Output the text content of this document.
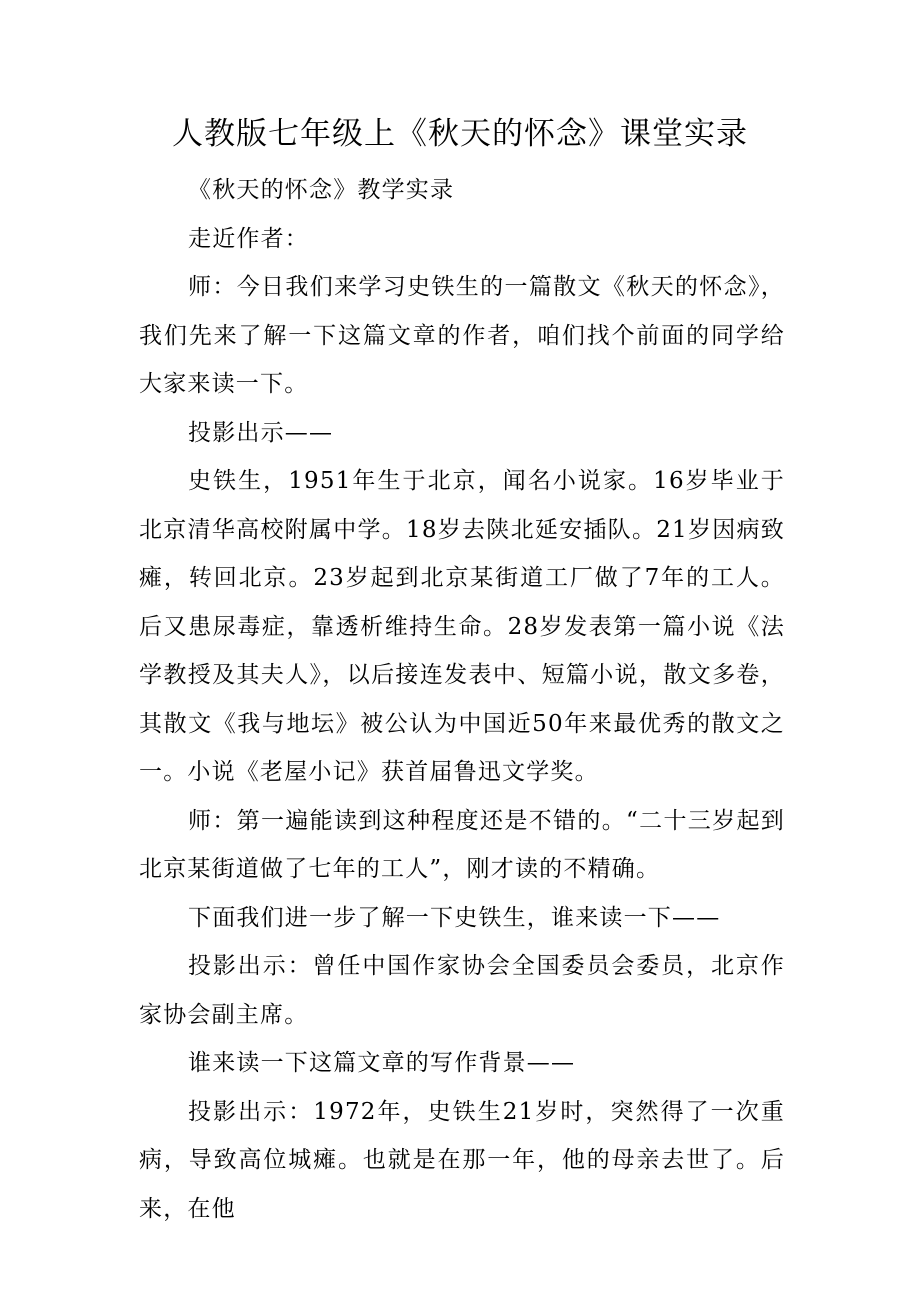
人教版七年级上《秋天的怀念》课堂实录

《秋天的怀念》教学实录

走近作者：

师：今日我们来学习史铁生的一篇散文《秋天的怀念》，我们先来了解一下这篇文章的作者，咱们找个前面的同学给大家来读一下。

投影出示——

史铁生，1951年生于北京，闻名小说家。16岁毕业于北京清华高校附属中学。18岁去陕北延安插队。21岁因病致瘫，转回北京。23岁起到北京某街道工厂做了7年的工人。后又患尿毒症，靠透析维持生命。28岁发表第一篇小说《法学教授及其夫人》，以后接连发表中、短篇小说，散文多卷，其散文《我与地坛》被公认为中国近50年来最优秀的散文之一。小说《老屋小记》获首届鲁迅文学奖。

师：第一遍能读到这种程度还是不错的。“二十三岁起到北京某街道做了七年的工人”，刚才读的不精确。

下面我们进一步了解一下史铁生，谁来读一下——

投影出示：曾任中国作家协会全国委员会委员，北京作家协会副主席。

谁来读一下这篇文章的写作背景——

投影出示：1972年，史铁生21岁时，突然得了一次重病，导致高位城瘫。也就是在那一年，他的母亲去世了。后来，在他
